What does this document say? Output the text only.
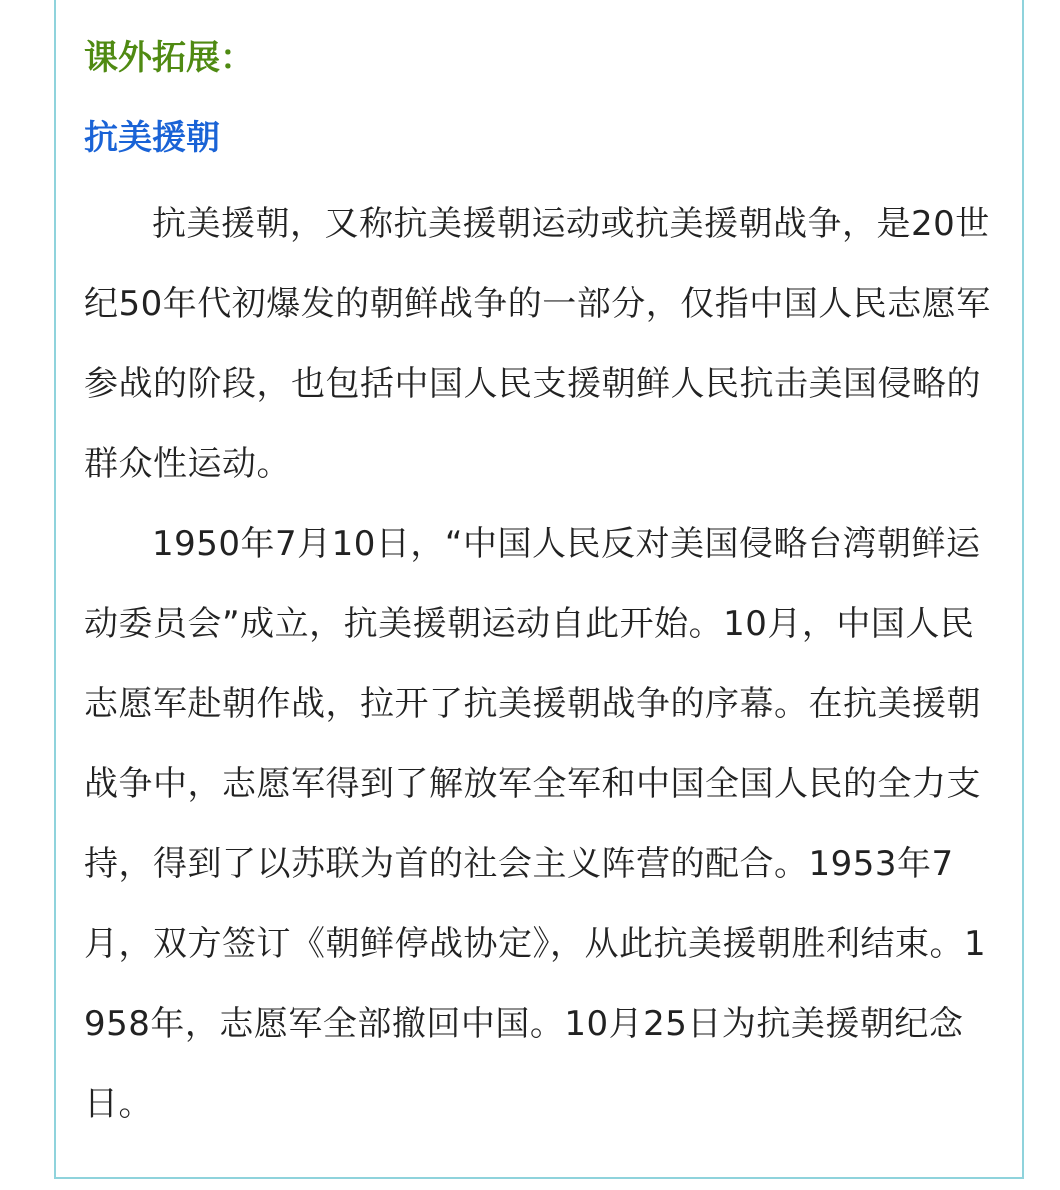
课外拓展：
抗美援朝

抗美援朝，又称抗美援朝运动或抗美援朝战争，是20世纪50年代初爆发的朝鲜战争的一部分，仅指中国人民志愿军参战的阶段，也包括中国人民支援朝鲜人民抗击美国侵略的群众性运动。

1950年7月10日，“中国人民反对美国侵略台湾朝鲜运动委员会”成立，抗美援朝运动自此开始。10月，中国人民志愿军赴朝作战，拉开了抗美援朝战争的序幕。在抗美援朝战争中，志愿军得到了解放军全军和中国全国人民的全力支持，得到了以苏联为首的社会主义阵营的配合。1953年7月，双方签订《朝鲜停战协定》，从此抗美援朝胜利结束。1958年，志愿军全部撤回中国。10月25日为抗美援朝纪念日。
